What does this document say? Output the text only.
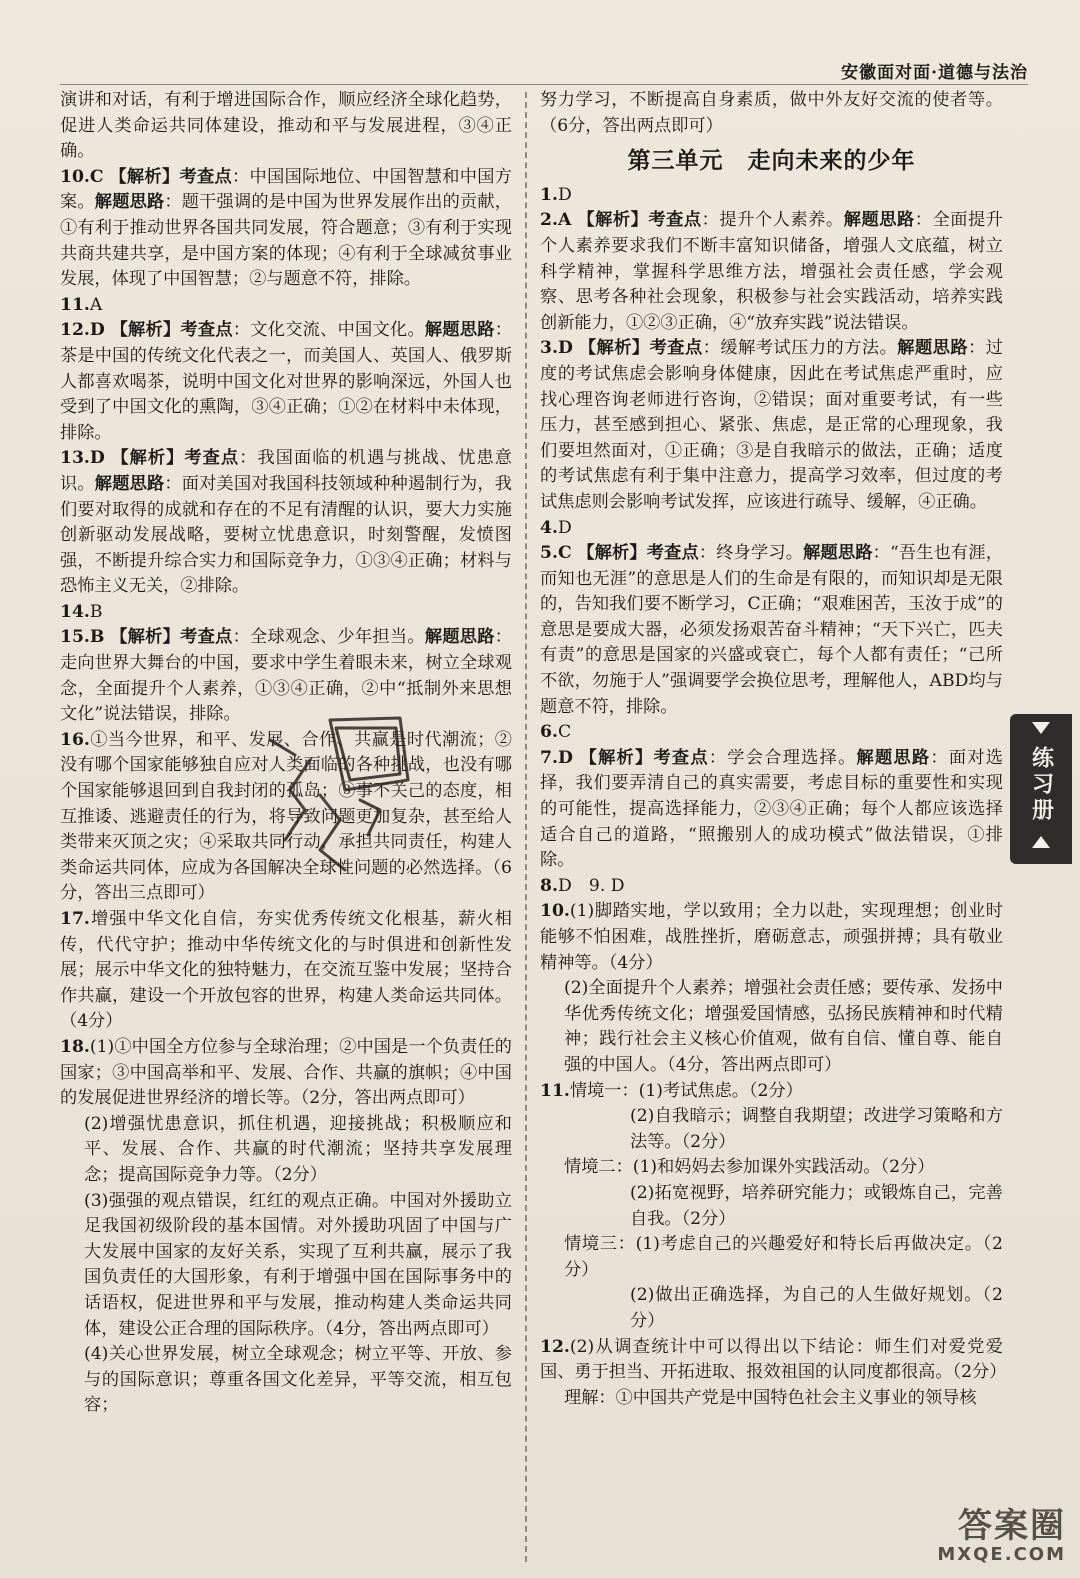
安徽面对面·道德与法治

演讲和对话，有利于增进国际合作，顺应经济全球化趋势，促进人类命运共同体建设，推动和平与发展进程，③④正确。

10.C 【解析】考查点：中国国际地位、中国智慧和中国方案。解题思路：题干强调的是中国为世界发展作出的贡献，①有利于推动世界各国共同发展，符合题意；③有利于实现共商共建共享，是中国方案的体现；④有利于全球减贫事业发展，体现了中国智慧；②与题意不符，排除。

11.A

12.D 【解析】考查点：文化交流、中国文化。解题思路：茶是中国的传统文化代表之一，而美国人、英国人、俄罗斯人都喜欢喝茶，说明中国文化对世界的影响深远，外国人也受到了中国文化的熏陶，③④正确；①②在材料中未体现，排除。

13.D 【解析】考查点：我国面临的机遇与挑战、忧患意识。解题思路：面对美国对我国科技领域种种遏制行为，我们要对取得的成就和存在的不足有清醒的认识，要大力实施创新驱动发展战略，要树立忧患意识，时刻警醒，发愤图强，不断提升综合实力和国际竞争力，①③④正确；材料与恐怖主义无关，②排除。

14.B

15.B 【解析】考查点：全球观念、少年担当。解题思路：走向世界大舞台的中国，要求中学生着眼未来，树立全球观念，全面提升个人素养，①③④正确，②中“抵制外来思想文化”说法错误，排除。

16.①当今世界，和平、发展、合作、共赢是时代潮流；②没有哪个国家能够独自应对人类面临的各种挑战，也没有哪个国家能够退回到自我封闭的孤岛；③事不关己的态度，相互推诿、逃避责任的行为，将导致问题更加复杂，甚至给人类带来灭顶之灾；④采取共同行动，承担共同责任，构建人类命运共同体，应成为各国解决全球性问题的必然选择。（6分，答出三点即可）

17.增强中华文化自信，夯实优秀传统文化根基，薪火相传，代代守护；推动中华传统文化的与时俱进和创新性发展；展示中华文化的独特魅力，在交流互鉴中发展；坚持合作共赢，建设一个开放包容的世界，构建人类命运共同体。（4分）

18.(1)①中国全方位参与全球治理；②中国是一个负责任的国家；③中国高举和平、发展、合作、共赢的旗帜；④中国的发展促进世界经济的增长等。（2分，答出两点即可）

(2)增强忧患意识，抓住机遇，迎接挑战；积极顺应和平、发展、合作、共赢的时代潮流；坚持共享发展理念；提高国际竞争力等。（2分）

(3)强强的观点错误，红红的观点正确。中国对外援助立足我国初级阶段的基本国情。对外援助巩固了中国与广大发展中国家的友好关系，实现了互利共赢，展示了我国负责任的大国形象，有利于增强中国在国际事务中的话语权，促进世界和平与发展，推动构建人类命运共同体，建设公正合理的国际秩序。（4分，答出两点即可）

(4)关心世界发展，树立全球观念；树立平等、开放、参与的国际意识；尊重各国文化差异，平等交流，相互包容；

努力学习，不断提高自身素质，做中外友好交流的使者等。（6分，答出两点即可）

第三单元　走向未来的少年

1.D

2.A 【解析】考查点：提升个人素养。解题思路：全面提升个人素养要求我们不断丰富知识储备，增强人文底蕴，树立科学精神，掌握科学思维方法，增强社会责任感，学会观察、思考各种社会现象，积极参与社会实践活动，培养实践创新能力，①②③正确，④“放弃实践”说法错误。

3.D 【解析】考查点：缓解考试压力的方法。解题思路：过度的考试焦虑会影响身体健康，因此在考试焦虑严重时，应找心理咨询老师进行咨询，②错误；面对重要考试，有一些压力，甚至感到担心、紧张、焦虑，是正常的心理现象，我们要坦然面对，①正确；③是自我暗示的做法，正确；适度的考试焦虑有利于集中注意力，提高学习效率，但过度的考试焦虑则会影响考试发挥，应该进行疏导、缓解，④正确。

4.D

5.C 【解析】考查点：终身学习。解题思路：“吾生也有涯，而知也无涯”的意思是人们的生命是有限的，而知识却是无限的，告知我们要不断学习，C正确；“艰难困苦，玉汝于成”的意思是要成大器，必须发扬艰苦奋斗精神；“天下兴亡，匹夫有责”的意思是国家的兴盛或衰亡，每个人都有责任；“己所不欲，勿施于人”强调要学会换位思考，理解他人，ABD均与题意不符，排除。

6.C

7.D 【解析】考查点：学会合理选择。解题思路：面对选择，我们要弄清自己的真实需要，考虑目标的重要性和实现的可能性，提高选择能力，②③④正确；每个人都应该选择适合自己的道路，“照搬别人的成功模式”做法错误，①排除。

8.D　9. D

10.(1)脚踏实地，学以致用；全力以赴，实现理想；创业时能够不怕困难，战胜挫折，磨砺意志，顽强拼搏；具有敬业精神等。（4分）

(2)全面提升个人素养；增强社会责任感；要传承、发扬中华优秀传统文化；增强爱国情感，弘扬民族精神和时代精神；践行社会主义核心价值观，做有自信、懂自尊、能自强的中国人。（4分，答出两点即可）

11.情境一：(1)考试焦虑。（2分）

(2)自我暗示；调整自我期望；改进学习策略和方法等。（2分）

情境二：(1)和妈妈去参加课外实践活动。（2分）

(2)拓宽视野，培养研究能力；或锻炼自己，完善自我。（2分）

情境三：(1)考虑自己的兴趣爱好和特长后再做决定。（2分）

(2)做出正确选择，为自己的人生做好规划。（2分）

12.(2)从调查统计中可以得出以下结论：师生们对爱党爱国、勇于担当、开拓进取、报效祖国的认同度都很高。（2分）

理解：①中国共产党是中国特色社会主义事业的领导核

练习册
答案圈
MXQE.COM
